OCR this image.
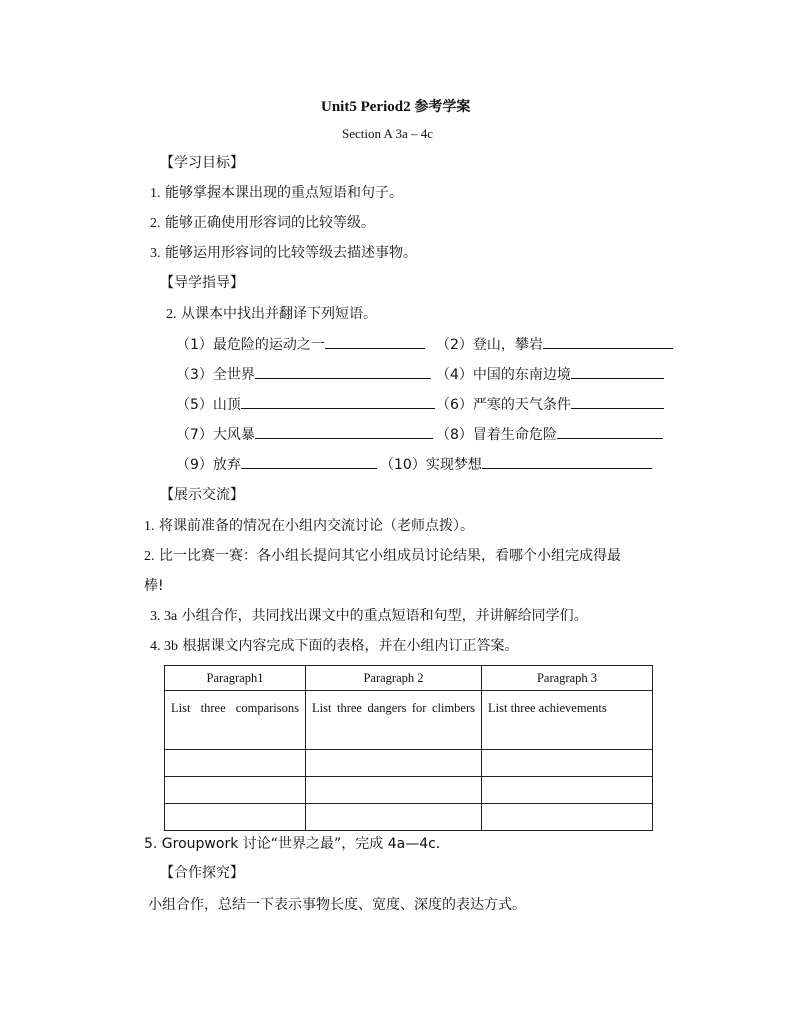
Unit5 Period2 参考学案
Section A 3a – 4c
【学习目标】
1. 能够掌握本课出现的重点短语和句子。
2. 能够正确使用形容词的比较等级。
3. 能够运用形容词的比较等级去描述事物。
【导学指导】
2. 从课本中找出并翻译下列短语。
（1）最危险的运动之一	（2）登山，攀岩
（3）全世界	（4）中国的东南边境
（5）山顶	（6）严寒的天气条件
（7）大风暴	（8）冒着生命危险
（9）放弃	（10）实现梦想
【展示交流】
1. 将课前准备的情况在小组内交流讨论（老师点拨）。
2. 比一比赛一赛：各小组长提问其它小组成员讨论结果，看哪个小组完成得最
棒!
3. 3a 小组合作，共同找出课文中的重点短语和句型，并讲解给同学们。
4. 3b 根据课文内容完成下面的表格，并在小组内订正答案。
Paragraph1	Paragraph 2	Paragraph 3

List three comparisons	List three dangers for climbers	List three achievements

5. Groupwork 讨论“世界之最”，完成 4a—4c.
【合作探究】
小组合作，总结一下表示事物长度、宽度、深度的表达方式。
